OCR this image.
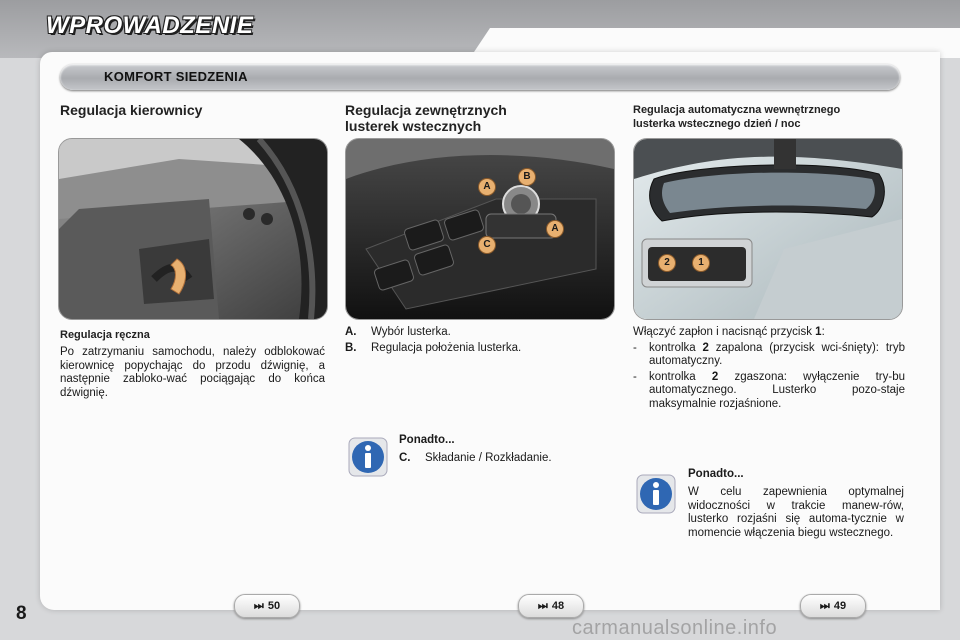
WPROWADZENIE
KOMFORT SIEDZENIA
Regulacja kierownicy
Regulacja ręczna
Po zatrzymaniu samochodu, należy odblokować kierownicę popychając do przodu dźwignię, a następnie zabloko-wać pociągając do końca dźwignię.
Regulacja zewnętrznych
lusterek wstecznych
A
B
A
C
A.	Wybór lusterka.
B.	Regulacja położenia lusterka.
Ponadto...
C.	Składanie / Rozkładanie.
Regulacja automatyczna wewnętrznego
lusterka wstecznego dzień / noc
2	1
Włączyć zapłon i nacisnąć przycisk 1:
-	kontrolka 2 zapalona (przycisk wci-śnięty): tryb automatyczny.
-	kontrolka 2 zgaszona: wyłączenie try-bu automatycznego. Lusterko pozo-staje maksymalnie rozjaśnione.
Ponadto...
W celu zapewnienia optymalnej widoczności w trakcie manew-rów, lusterko rozjaśni się automa-tycznie w momencie włączenia biegu wstecznego.
⏭ 50	⏭ 48	⏭ 49
8
carmanualsonline.info
